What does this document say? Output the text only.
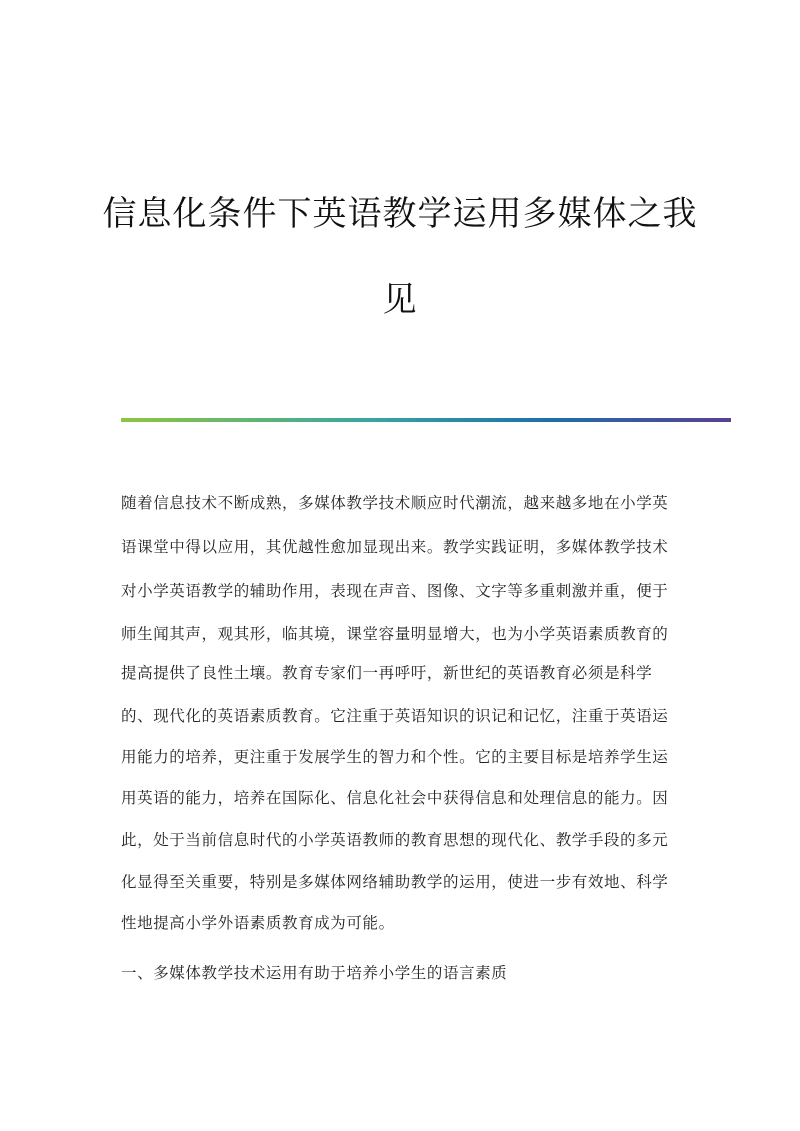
信息化条件下英语教学运用多媒体之我
见
随着信息技术不断成熟，多媒体教学技术顺应时代潮流，越来越多地在小学英
语课堂中得以应用，其优越性愈加显现出来。教学实践证明，多媒体教学技术
对小学英语教学的辅助作用，表现在声音、图像、文字等多重刺激并重，便于
师生闻其声，观其形，临其境，课堂容量明显增大，也为小学英语素质教育的
提高提供了良性土壤。教育专家们一再呼吁，新世纪的英语教育必须是科学
的、现代化的英语素质教育。它注重于英语知识的识记和记忆，注重于英语运
用能力的培养，更注重于发展学生的智力和个性。它的主要目标是培养学生运
用英语的能力，培养在国际化、信息化社会中获得信息和处理信息的能力。因
此，处于当前信息时代的小学英语教师的教育思想的现代化、教学手段的多元
化显得至关重要，特别是多媒体网络辅助教学的运用，使进一步有效地、科学
性地提高小学外语素质教育成为可能。
一、多媒体教学技术运用有助于培养小学生的语言素质
